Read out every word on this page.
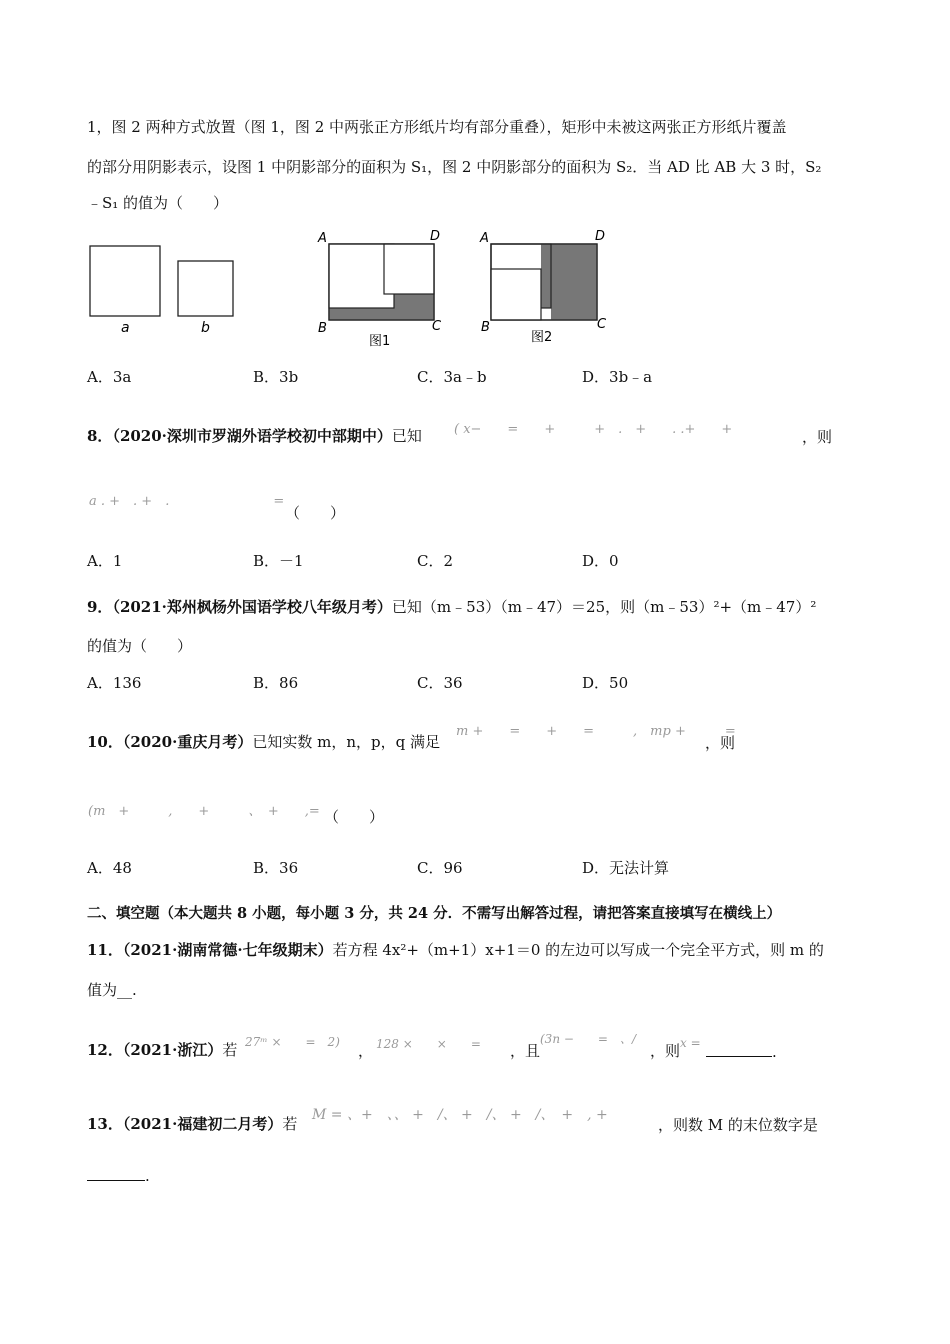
1，图 2 两种方式放置（图 1，图 2 中两张正方形纸片均有部分重叠），矩形中未被这两张正方形纸片覆盖
的部分用阴影表示，设图 1 中阴影部分的面积为 S₁，图 2 中阴影部分的面积为 S₂．当 AD 比 AB 大 3 时，S₂
﹣S₁ 的值为（　　）
a	b
A	D
B	C
图1
A	D
B	C
图2
A．3a	B．3b	C．3a﹣b	D．3b﹣a
8．（2020·深圳市罗湖外语学校初中部期中）已知 ( x−　　=　　+　　　+　.　+　　. .+　　+	，则
a . +　. +　.　　　　　　　　=
（　　）
A．1	B．－1	C．2	D．0
9．（2021·郑州枫杨外国语学校八年级月考）已知（m﹣53）（m﹣47）＝25，则（m﹣53）²+（m﹣47）²
的值为（　　）
A．136	B．86	C．36	D．50
10．（2020·重庆月考）已知实数 m，n，p，q 满足
m +　　=　　+　　=　　　,　mp +　　　=
，则
(m　+　　　,　　+　　　、　+　　,= （　　）
A．48	B．36	C．96	D．无法计算
二、填空题（本大题共 8 小题，每小题 3 分，共 24 分．不需写出解答过程，请把答案直接填写在横线上）
11．（2021·湖南常德·七年级期末）若方程 4x²+（m+1）x+1＝0 的左边可以写成一个完全平方式，则 m 的
值为__.
12．（2021·浙江）若 27ᵐ ×　　=　2) ， 128 ×　　×　　= ，且
(3n −　　=　、/
，则 x =	.
13．（2021·福建初二月考）若 M = 、+　、、 +　/、 +　/、 +　/、　+　, +
，则数 M 的末位数字是
.
